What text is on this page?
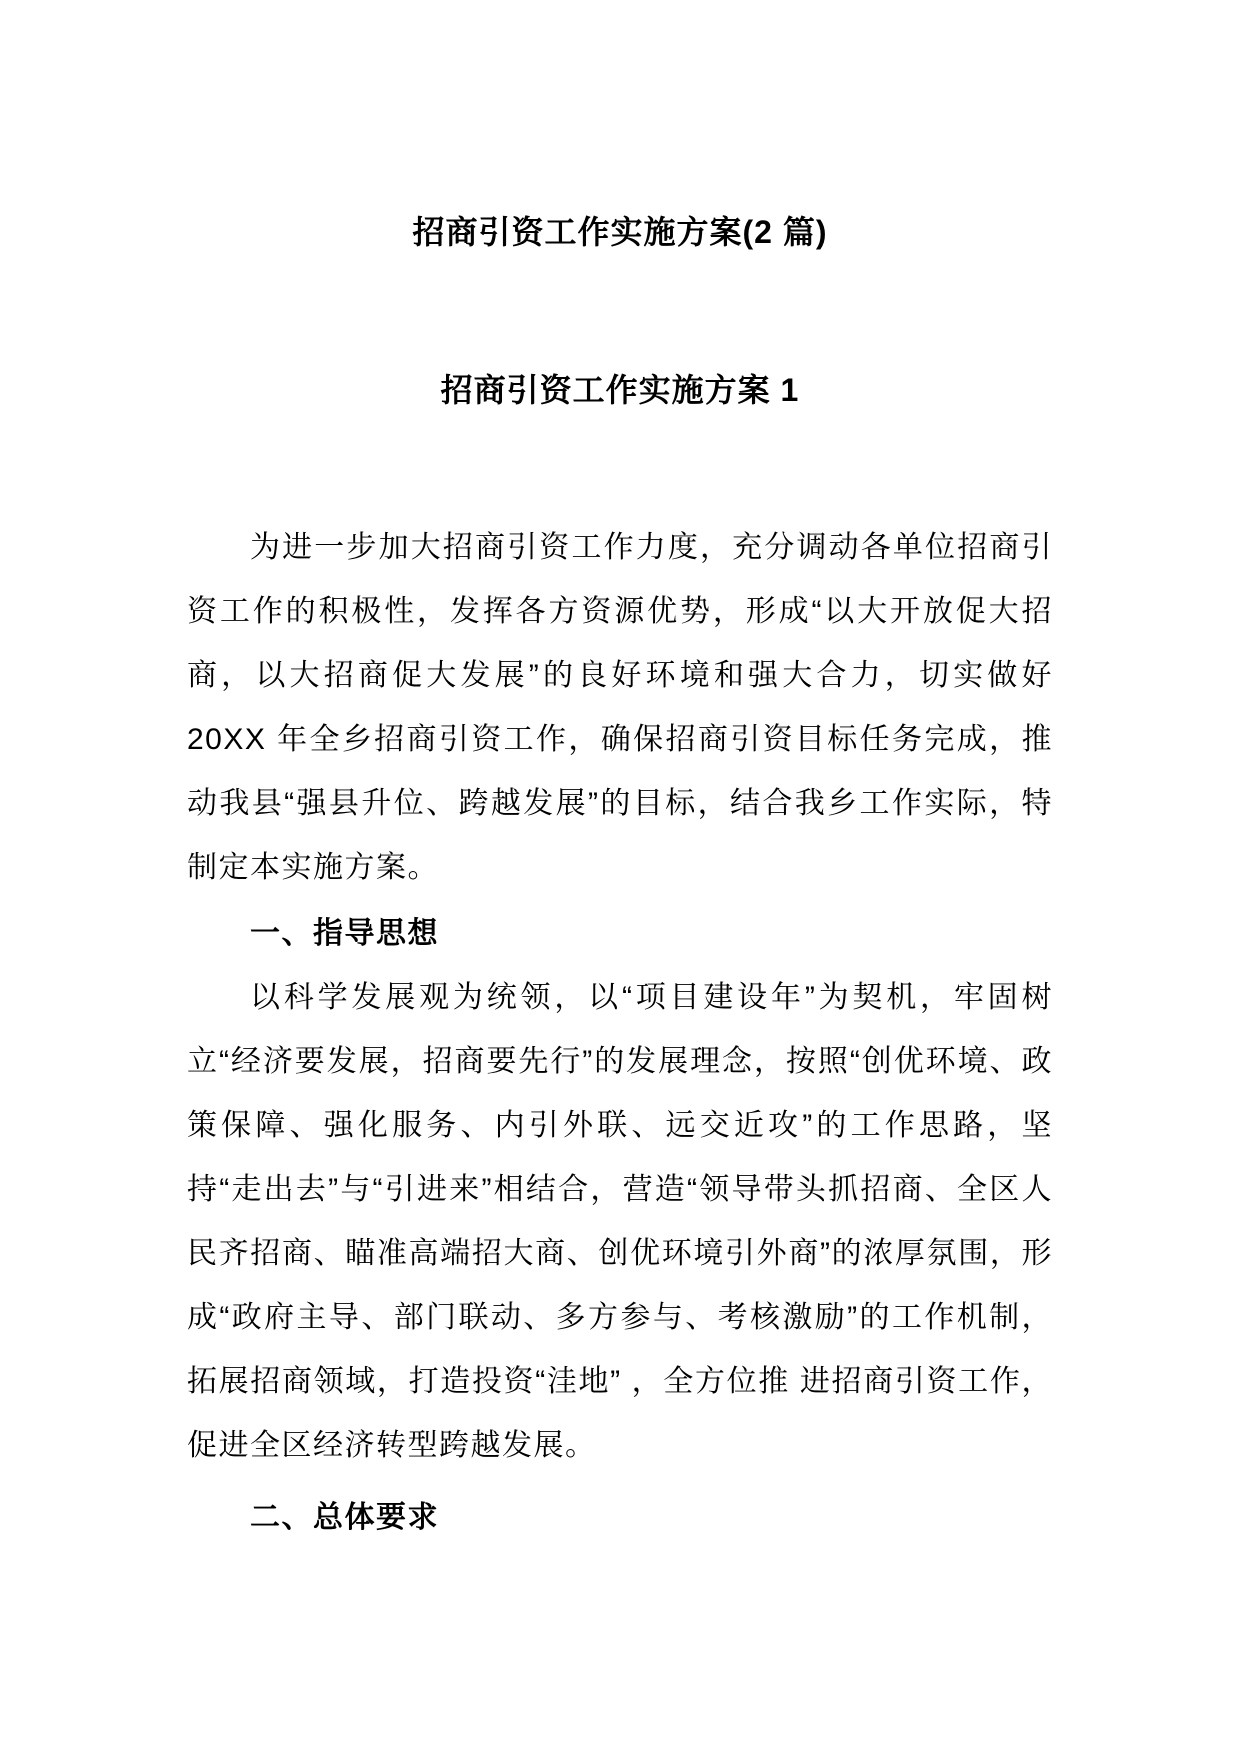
招商引资工作实施方案(2 篇)
招商引资工作实施方案 1

为进一步加大招商引资工作力度，充分调动各单位招商引资工作的积极性，发挥各方资源优势，形成“以大开放促大招商，以大招商促大发展”的良好环境和强大合力，切实做好20XX 年全乡招商引资工作，确保招商引资目标任务完成，推动我县“强县升位、跨越发展”的目标，结合我乡工作实际，特制定本实施方案。

一、指导思想

以科学发展观为统领，以“项目建设年”为契机，牢固树立“经济要发展，招商要先行”的发展理念，按照“创优环境、政策保障、强化服务、内引外联、远交近攻”的工作思路，坚持“走出去”与“引进来”相结合，营造“领导带头抓招商、全区人民齐招商、瞄准高端招大商、创优环境引外商”的浓厚氛围，形成“政府主导、部门联动、多方参与、考核激励”的工作机制，拓展招商领域，打造投资“洼地” ，全方位推 进招商引资工作，促进全区经济转型跨越发展。

二、总体要求
